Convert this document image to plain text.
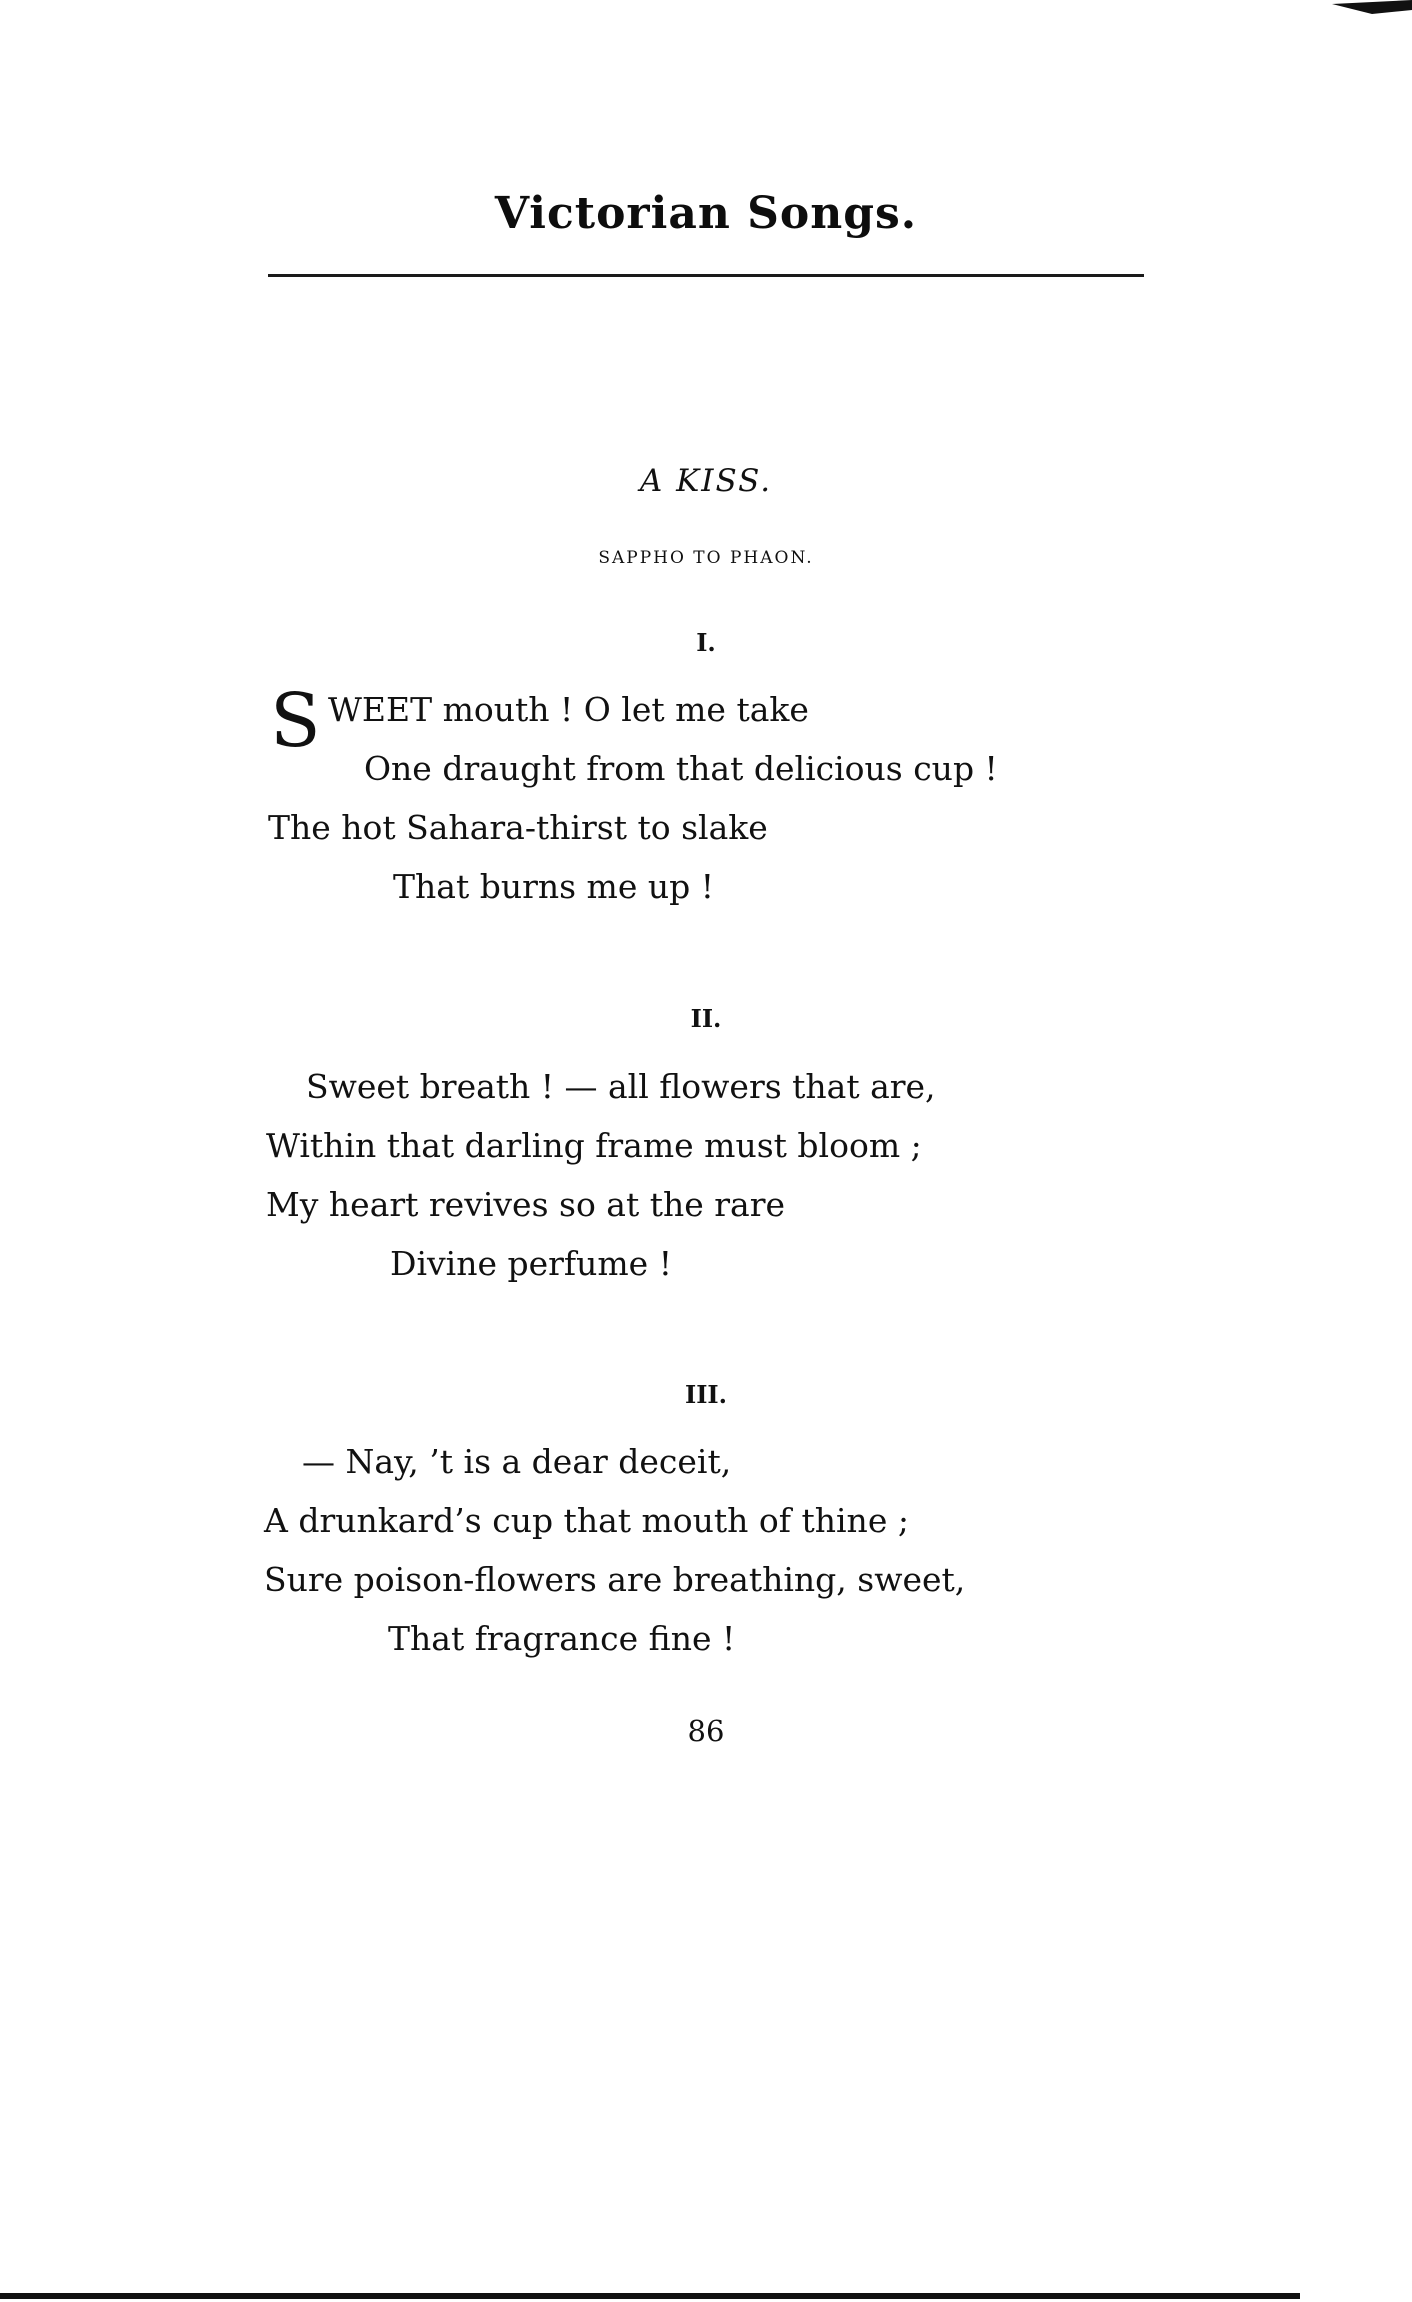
Victorian Songs.
A KISS.
SAPPHO TO PHAON.
I.
S WEET mouth ! O let me take
One draught from that delicious cup !
The hot Sahara-thirst to slake
That burns me up !
II.
Sweet breath ! — all flowers that are,
Within that darling frame must bloom ;
My heart revives so at the rare
Divine perfume !
III.
— Nay, ’t is a dear deceit,
A drunkard’s cup that mouth of thine ;
Sure poison-flowers are breathing, sweet,
That fragrance fine !
86
